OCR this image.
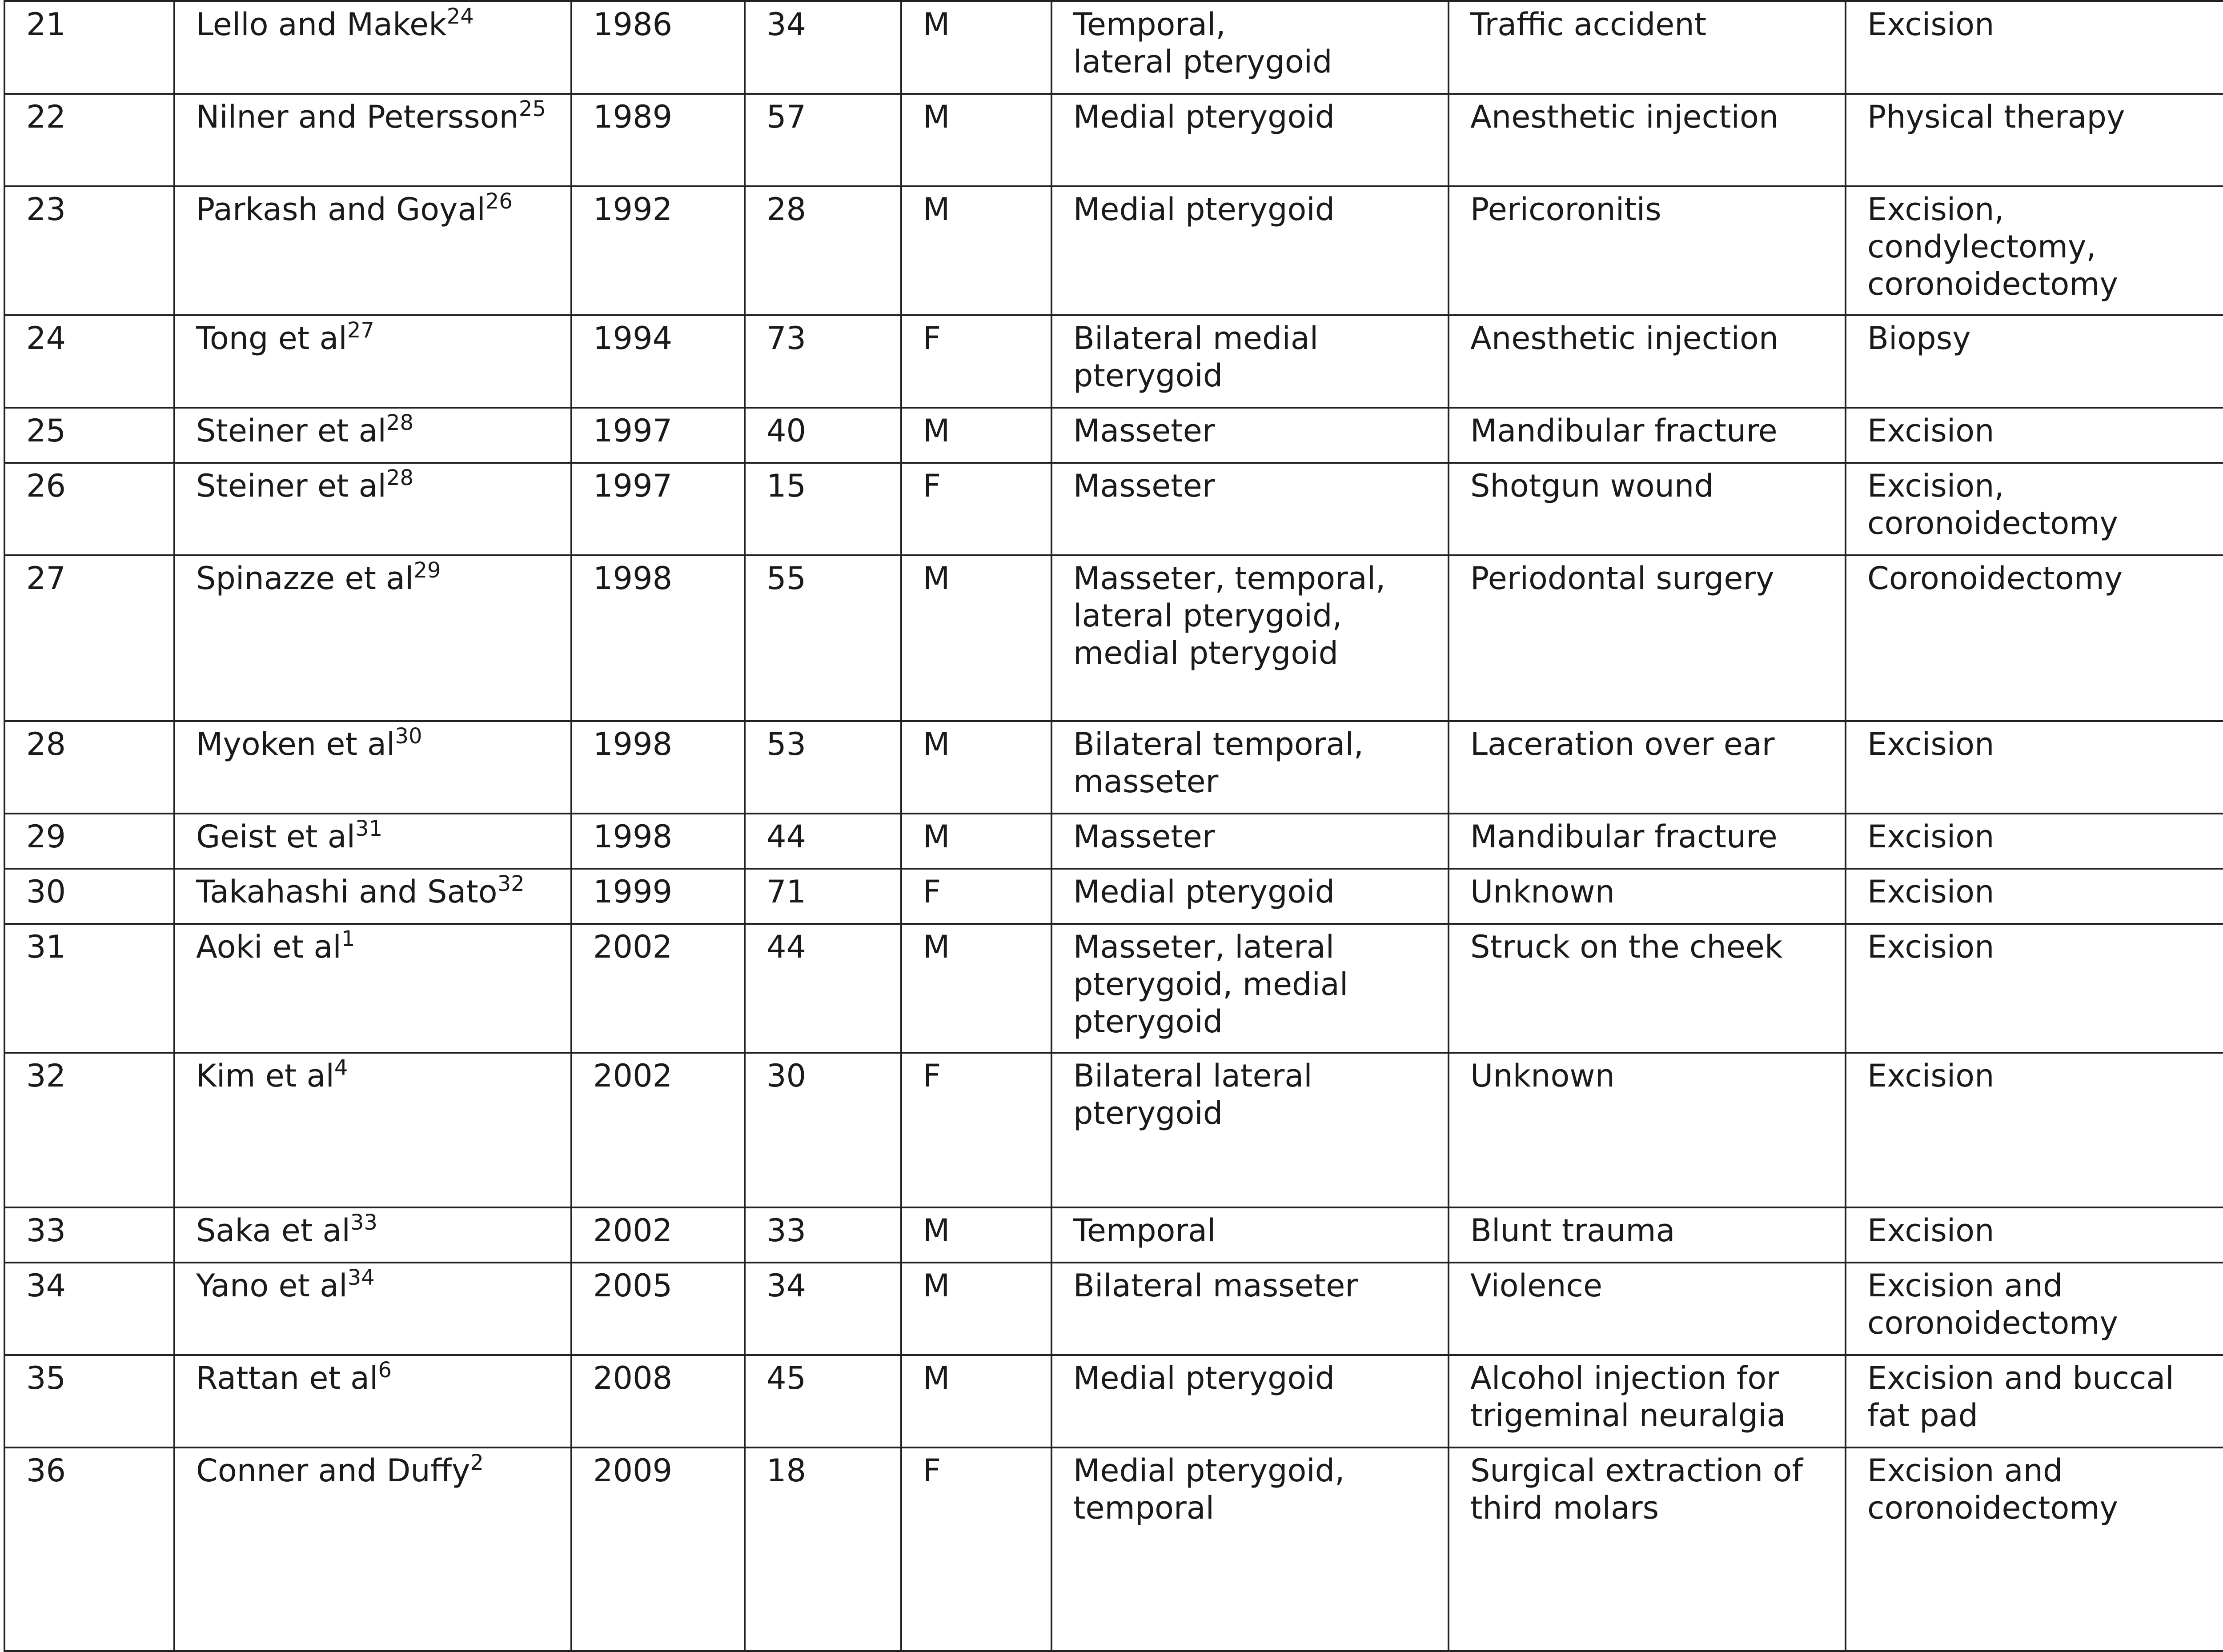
21	Lello and Makek$^{24}$	1986	34	M	Temporal,
lateral pterygoid	Traffic accident	Excision

22	Nilner and Petersson$^{25}$	1989	57	M	Medial pterygoid	Anesthetic injection	Physical therapy

23	Parkash and Goyal$^{26}$	1992	28	M	Medial pterygoid	Pericoronitis	Excision,
condylectomy,
coronoidectomy

24	Tong et al$^{27}$	1994	73	F	Bilateral medial
pterygoid	Anesthetic injection	Biopsy

25	Steiner et al$^{28}$	1997	40	M	Masseter	Mandibular fracture	Excision

26	Steiner et al$^{28}$	1997	15	F	Masseter	Shotgun wound	Excision,
coronoidectomy

27	Spinazze et al$^{29}$	1998	55	M	Masseter, temporal,
lateral pterygoid,
medial pterygoid	Periodontal surgery	Coronoidectomy

28	Myoken et al$^{30}$	1998	53	M	Bilateral temporal,
masseter	Laceration over ear	Excision

29	Geist et al$^{31}$	1998	44	M	Masseter	Mandibular fracture	Excision

30	Takahashi and Sato$^{32}$	1999	71	F	Medial pterygoid	Unknown	Excision

31	Aoki et al$^1$	2002	44	M	Masseter, lateral
pterygoid, medial
pterygoid	Struck on the cheek	Excision

32	Kim et al$^4$	2002	30	F	Bilateral lateral
pterygoid	Unknown	Excision

33	Saka et al$^{33}$	2002	33	M	Temporal	Blunt trauma	Excision

34	Yano et al$^{34}$	2005	34	M	Bilateral masseter	Violence	Excision and
coronoidectomy

35	Rattan et al$^6$	2008	45	M	Medial pterygoid	Alcohol injection for
trigeminal neuralgia	Excision and buccal
fat pad

36	Conner and Duffy$^2$	2009	18	F	Medial pterygoid,
temporal	Surgical extraction of
third molars	Excision and
coronoidectomy
